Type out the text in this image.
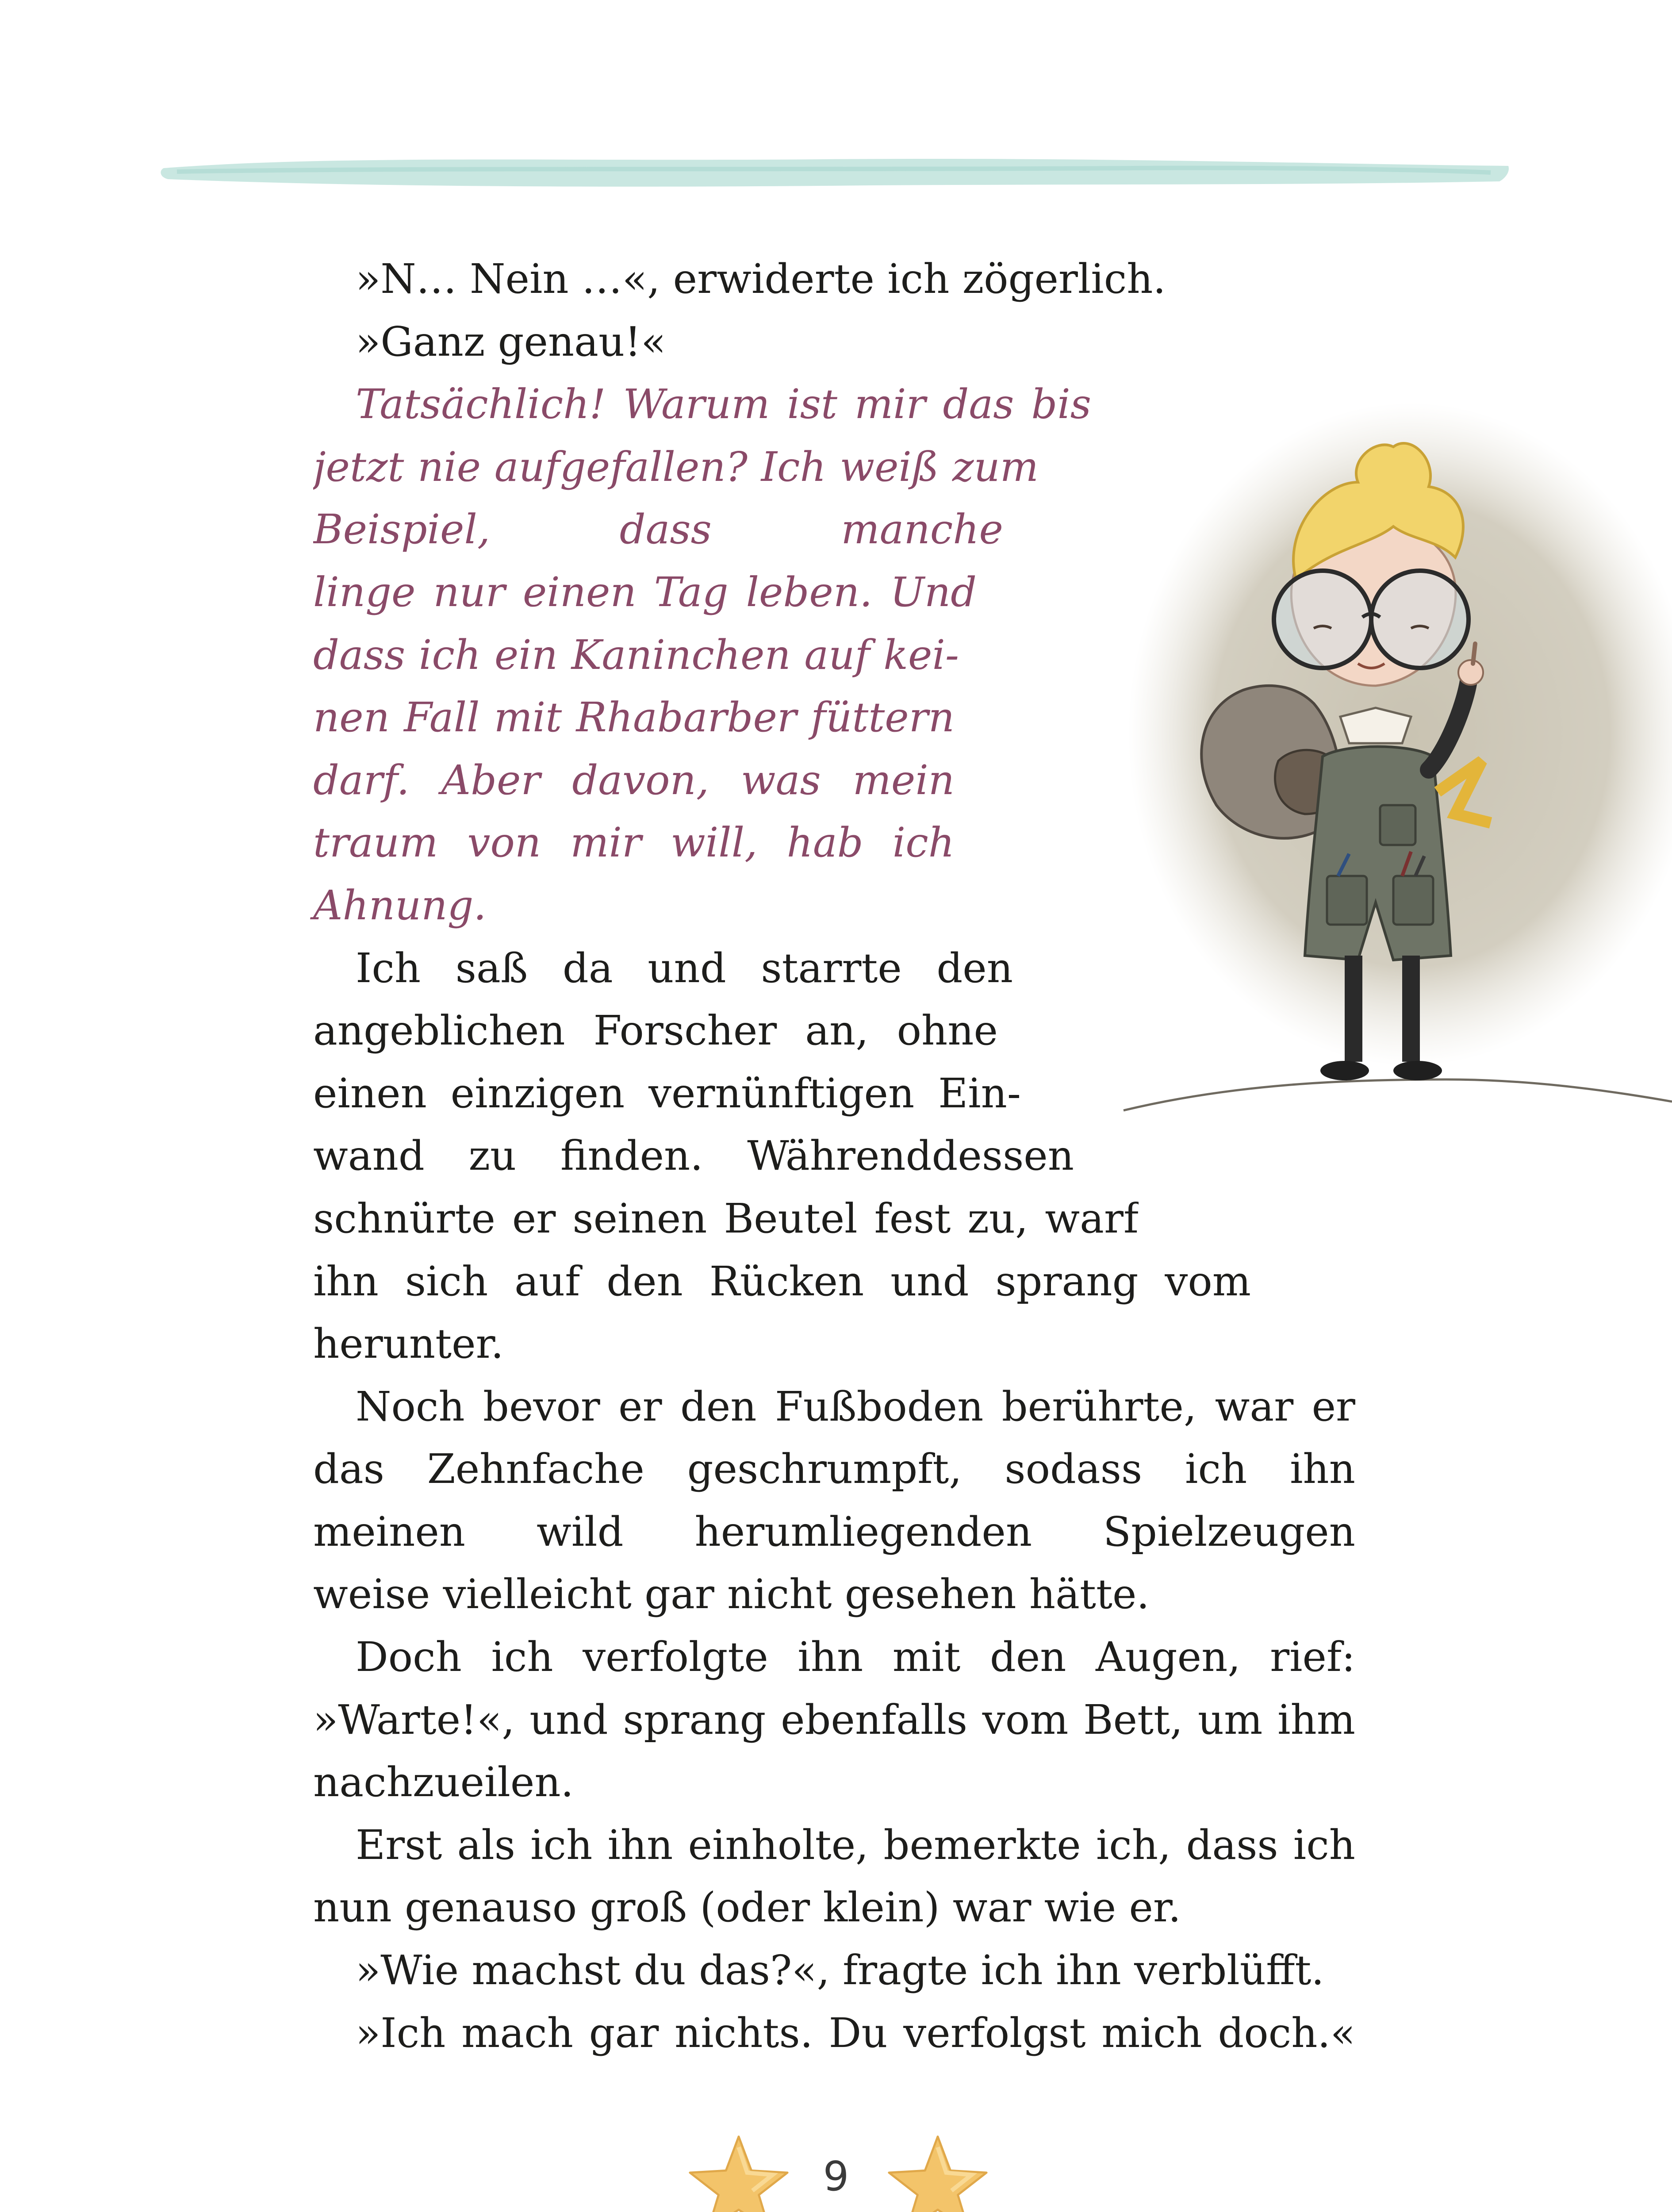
»N… Nein …«, erwiderte ich zögerlich.
»Ganz genau!«
Tatsächlich! Warum ist mir das bis
jetzt nie aufgefallen? Ich weiß zum
Beispiel, dass manche
linge nur einen Tag leben. Und
dass ich ein Kaninchen auf kei-
nen Fall mit Rhabarber füttern
darf. Aber davon, was mein
traum von mir will, hab ich
Ahnung.
Ich saß da und starrte den
angeblichen Forscher an, ohne
einen einzigen vernünftigen Ein-
wand zu finden. Währenddessen
schnürte er seinen Beutel fest zu, warf
ihn sich auf den Rücken und sprang vom
herunter.
Noch bevor er den Fußboden berührte, war er
das Zehnfache geschrumpft, sodass ich ihn
meinen wild herumliegenden Spielzeugen
weise vielleicht gar nicht gesehen hätte.
Doch ich verfolgte ihn mit den Augen, rief:
»Warte!«, und sprang ebenfalls vom Bett, um ihm
nachzueilen.
Erst als ich ihn einholte, bemerkte ich, dass ich
nun genauso groß (oder klein) war wie er.
»Wie machst du das?«, fragte ich ihn verblüfft.
»Ich mach gar nichts. Du verfolgst mich doch.«
9
